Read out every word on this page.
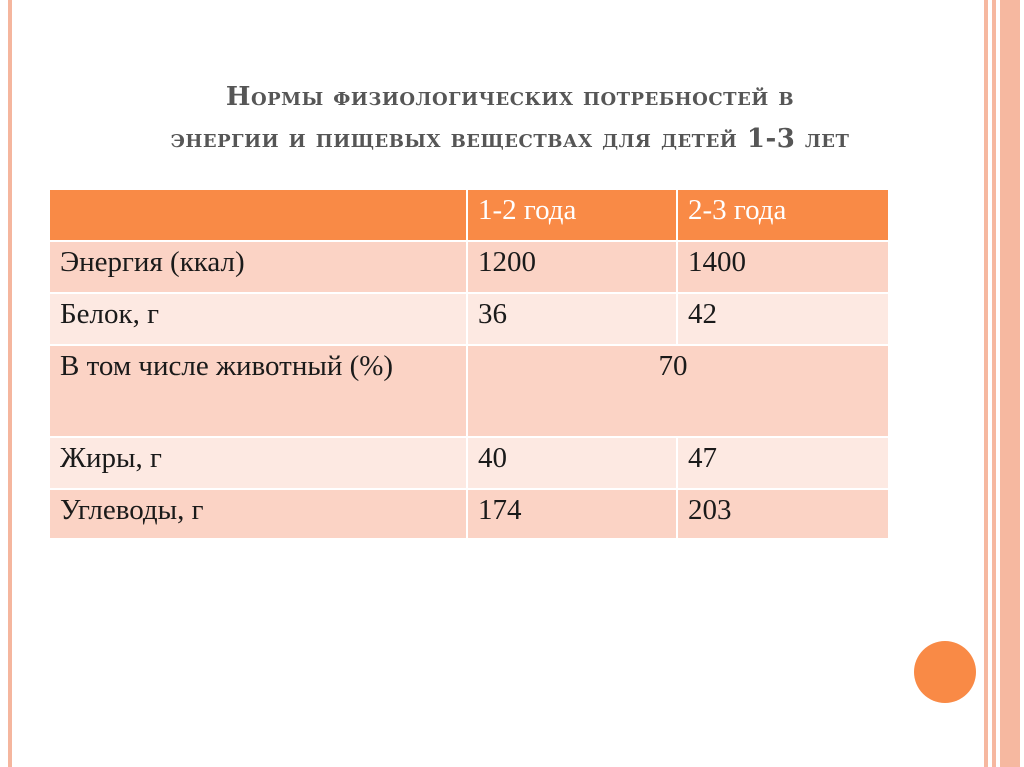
Нормы физиологических потребностей в
энергии и пищевых веществах для детей 1-3 лет
	1-2 года	2-3 года
Энергия (ккал)	1200	1400
Белок, г	36	42
В том числе животный (%)	70	
Жиры, г	40	47
Углеводы, г	174	203
